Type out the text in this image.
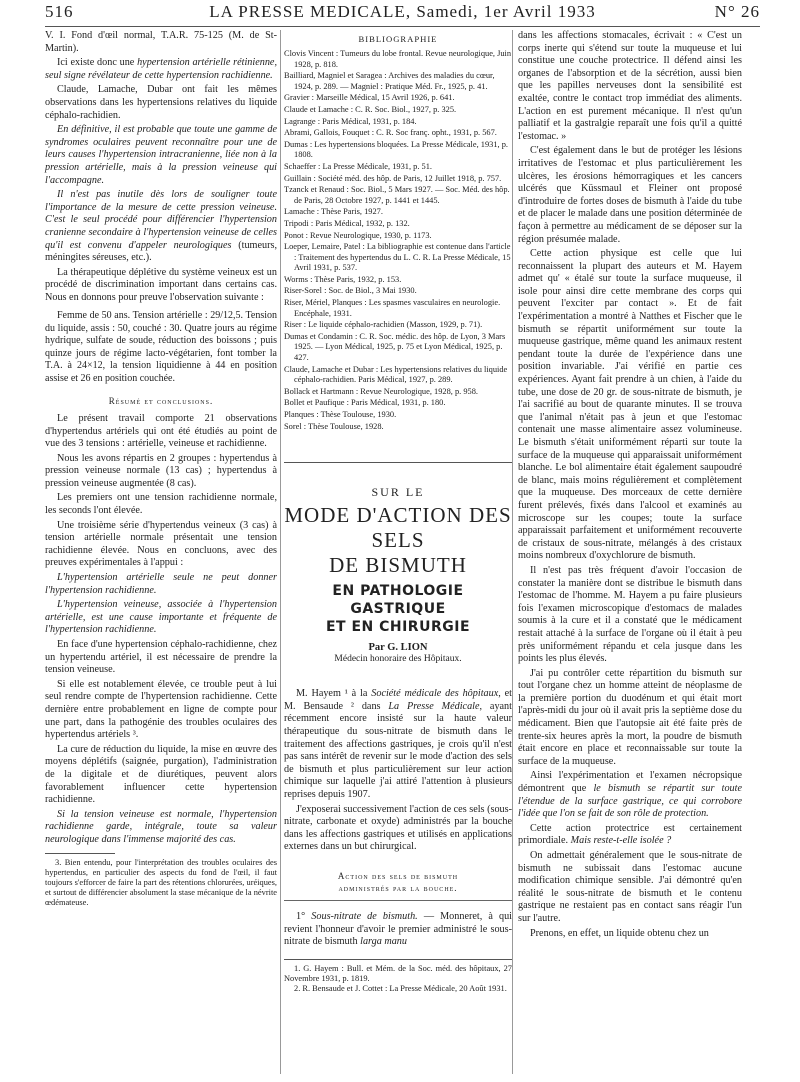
516	LA PRESSE MEDICALE, Samedi, 1er Avril 1933	N° 26

V. I. Fond d'œil normal, T.A.R. 75-125 (M. de St-Martin).

Ici existe donc une hypertension artérielle rétinienne, seul signe révélateur de cette hypertension rachidienne.

Claude, Lamache, Dubar ont fait les mêmes observations dans les hypertensions relatives du liquide céphalo-rachidien.

En définitive, il est probable que toute une gamme de syndromes oculaires peuvent reconnaître pour une de leurs causes l'hypertension intracranienne, liée non à la pression artérielle, mais à la pression veineuse qui l'accompagne.

Il n'est pas inutile dès lors de souligner toute l'importance de la mesure de cette pression veineuse. C'est le seul procédé pour différencier l'hypertension cranienne secondaire à l'hypertension veineuse de celles qu'il est convenu d'appeler neurologiques (tumeurs, méningites séreuses, etc.).

La thérapeutique déplétive du système veineux est un procédé de discrimination important dans certains cas. Nous en donnons pour preuve l'observation suivante :

Femme de 50 ans. Tension artérielle : 29/12,5. Tension du liquide, assis : 50, couché : 30. Quatre jours au régime hydrique, sulfate de soude, réduction des boissons ; puis quinze jours de régime lacto-végétarien, font tomber la T.A. à 24×12, la tension liquidienne à 44 en position assise et 26 en position couchée.
Résumé et conclusions.

Le présent travail comporte 21 observations d'hypertendus artériels qui ont été étudiés au point de vue des 3 tensions : artérielle, veineuse et rachidienne.

Nous les avons répartis en 2 groupes : hypertendus à pression veineuse normale (13 cas) ; hypertendus à pression veineuse augmentée (8 cas).

Les premiers ont une tension rachidienne normale, les seconds l'ont élevée.

Une troisième série d'hypertendus veineux (3 cas) à tension artérielle normale présentait une tension rachidienne élevée. Nous en concluons, avec des preuves expérimentales à l'appui :

L'hypertension artérielle seule ne peut donner l'hypertension rachidienne.

L'hypertension veineuse, associée à l'hypertension artérielle, est une cause importante et fréquente de l'hypertension rachidienne.

En face d'une hypertension céphalo-rachidienne, chez un hypertendu artériel, il est nécessaire de prendre la tension veineuse.

Si elle est notablement élevée, ce trouble peut à lui seul rendre compte de l'hypertension rachidienne. Cette dernière entre probablement en ligne de compte pour une part, dans la pathogénie des troubles oculaires des hypertendus artériels ³.

La cure de réduction du liquide, la mise en œuvre des moyens déplétifs (saignée, purgation), l'administration de la digitale et de diurétiques, peuvent alors favorablement influencer cette hypertension rachidienne.

Si la tension veineuse est normale, l'hypertension rachidienne garde, intégrale, toute sa valeur neurologique dans l'immense majorité des cas.

3. Bien entendu, pour l'interprétation des troubles oculaires des hypertendus, en particulier des aspects du fond de l'œil, il faut toujours s'efforcer de faire la part des rétentions chlorurées, uréiques, et surtout de différencier absolument la stase mécanique de la névrite œdémateuse.

BIBLIOGRAPHIE
Clovis Vincent : Tumeurs du lobe frontal. Revue neurologique, Juin 1928, p. 818.
Bailliard, Magniel et Saragea : Archives des maladies du cœur, 1924, p. 289. — Magniel : Pratique Méd. Fr., 1925, p. 41.
Gravier : Marseille Médical, 15 Avril 1926, p. 641.
Claude et Lamache : C. R. Soc. Biol., 1927, p. 325.
Lagrange : Paris Médical, 1931, p. 184.
Abrami, Gallois, Fouquet : C. R. Soc franç. opht., 1931, p. 567.
Dumas : Les hypertensions bloquées. La Presse Médicale, 1931, p. 1808.
Schaeffer : La Presse Médicale, 1931, p. 51.
Guillain : Société méd. des hôp. de Paris, 12 Juillet 1918, p. 757.
Tzanck et Renaud : Soc. Biol., 5 Mars 1927. — Soc. Méd. des hôp. de Paris, 28 Octobre 1927, p. 1441 et 1445.
Lamache : Thèse Paris, 1927.
Tripodi : Paris Médical, 1932, p. 132.
Ponot : Revue Neurologique, 1930, p. 1173.
Loeper, Lemaire, Patel : La bibliographie est contenue dans l'article : Traitement des hypertendus du L. C. R. La Presse Médicale, 15 Avril 1931, p. 537.
Worms : Thèse Paris, 1932, p. 153.
Riser-Sorel : Soc. de Biol., 3 Mai 1930.
Riser, Mériel, Planques : Les spasmes vasculaires en neurologie. Encéphale, 1931.
Riser : Le liquide céphalo-rachidien (Masson, 1929, p. 71).
Dumas et Condamin : C. R. Soc. médic. des hôp. de Lyon, 3 Mars 1925. — Lyon Médical, 1925, p. 75 et Lyon Médical, 1925, p. 427.
Claude, Lamache et Dubar : Les hypertensions relatives du liquide céphalo-rachidien. Paris Médical, 1927, p. 289.
Bollack et Hartmann : Revue Neurologique, 1928, p. 958.
Bollet et Paufique : Paris Médical, 1931, p. 180.
Planques : Thèse Toulouse, 1930.
Sorel : Thèse Toulouse, 1928.
SUR LE
MODE D'ACTION DES SELS
DE BISMUTH
EN PATHOLOGIE GASTRIQUE
ET EN CHIRURGIE
Par G. LION
Médecin honoraire des Hôpitaux.

M. Hayem ¹ à la Société médicale des hôpitaux, et M. Bensaude ² dans La Presse Médicale, ayant récemment encore insisté sur la haute valeur thérapeutique du sous-nitrate de bismuth dans le traitement des affections gastriques, je crois qu'il n'est pas sans intérêt de revenir sur le mode d'action des sels de bismuth et plus particulièrement sur leur action chimique sur laquelle j'ai attiré l'attention à plusieurs reprises depuis 1907.

J'exposerai successivement l'action de ces sels (sous-nitrate, carbonate et oxyde) administrés par la bouche dans les affections gastriques et utilisés en applications externes dans un but chirurgical.

Action des sels de bismuth
administrés par la bouche.

1° Sous-nitrate de bismuth. — Monneret, à qui revient l'honneur d'avoir le premier administré le sous-nitrate de bismuth larga manu

1. G. Hayem : Bull. et Mém. de la Soc. méd. des hôpitaux, 27 Novembre 1931, p. 1819.

2. R. Bensaude et J. Cottet : La Presse Médicale, 20 Août 1931.

dans les affections stomacales, écrivait : « C'est un corps inerte qui s'étend sur toute la muqueuse et lui constitue une couche protectrice. Il défend ainsi les organes de l'absorption et de la sécrétion, aussi bien que les papilles nerveuses dont la sensibilité est exaltée, contre le contact trop immédiat des aliments. L'action en est purement mécanique. Il n'est qu'un palliatif et la gastralgie reparaît une fois qu'il a quitté l'estomac. »

C'est également dans le but de protéger les lésions irritatives de l'estomac et plus particulièrement les ulcères, les érosions hémorragiques et les cancers ulcérés que Küssmaul et Fleiner ont proposé d'introduire de fortes doses de bismuth à l'aide du tube et de placer le malade dans une position déterminée de façon à permettre au médicament de se déposer sur la région présumée malade.

Cette action physique est celle que lui reconnaissent la plupart des auteurs et M. Hayem admet qu' « étalé sur toute la surface muqueuse, il isole pour ainsi dire cette membrane des corps qui peuvent l'exciter par contact ». Et de fait l'expérimentation a montré à Natthes et Fischer que le bismuth se répartit uniformément sur toute la muqueuse gastrique, même quand les animaux restent pendant toute la durée de l'expérience dans une position invariable. J'ai vérifié en partie ces expériences. Ayant fait prendre à un chien, à l'aide du tube, une dose de 20 gr. de sous-nitrate de bismuth, je l'ai sacrifié au bout de quarante minutes. Il se trouva que l'animal n'était pas à jeun et que l'estomac contenait une masse alimentaire assez volumineuse. Le bismuth s'était uniformément réparti sur toute la surface de la muqueuse qui apparaissait uniformément blanche. Le bol alimentaire était également saupoudré de blanc, mais moins régulièrement et complètement que la muqueuse. Des morceaux de cette dernière furent prélevés, fixés dans l'alcool et examinés au microscope sur les coupes; toute la surface apparaissait parfaitement et uniformément recouverte de cristaux de sous-nitrate, mélangés à des cristaux moins nombreux d'oxychlorure de bismuth.

Il n'est pas très fréquent d'avoir l'occasion de constater la manière dont se distribue le bismuth dans l'estomac de l'homme. M. Hayem a pu faire plusieurs fois l'examen microscopique d'estomacs de malades soumis à la cure et il a constaté que le médicament restait attaché à la surface de l'organe où il était à peu près uniformément répandu et cela jusque dans les points les plus élevés.

J'ai pu contrôler cette répartition du bismuth sur tout l'organe chez un homme atteint de néoplasme de la première portion du duodénum et qui était mort l'après-midi du jour où il avait pris la septième dose du médicament. Bien que l'autopsie ait été faite près de trente-six heures après la mort, la poudre de bismuth était encore en place et reconnaissable sur toute la surface de la muqueuse.

Ainsi l'expérimentation et l'examen nécropsique démontrent que le bismuth se répartit sur toute l'étendue de la surface gastrique, ce qui corrobore l'idée que l'on se fait de son rôle de protection.

Cette action protectrice est certainement primordiale. Mais reste-t-elle isolée ?

On admettait généralement que le sous-nitrate de bismuth ne subissait dans l'estomac aucune modification chimique sensible. J'ai démontré qu'en réalité le sous-nitrate de bismuth et le contenu gastrique ne restaient pas en contact sans réagir l'un sur l'autre.

Prenons, en effet, un liquide obtenu chez un
